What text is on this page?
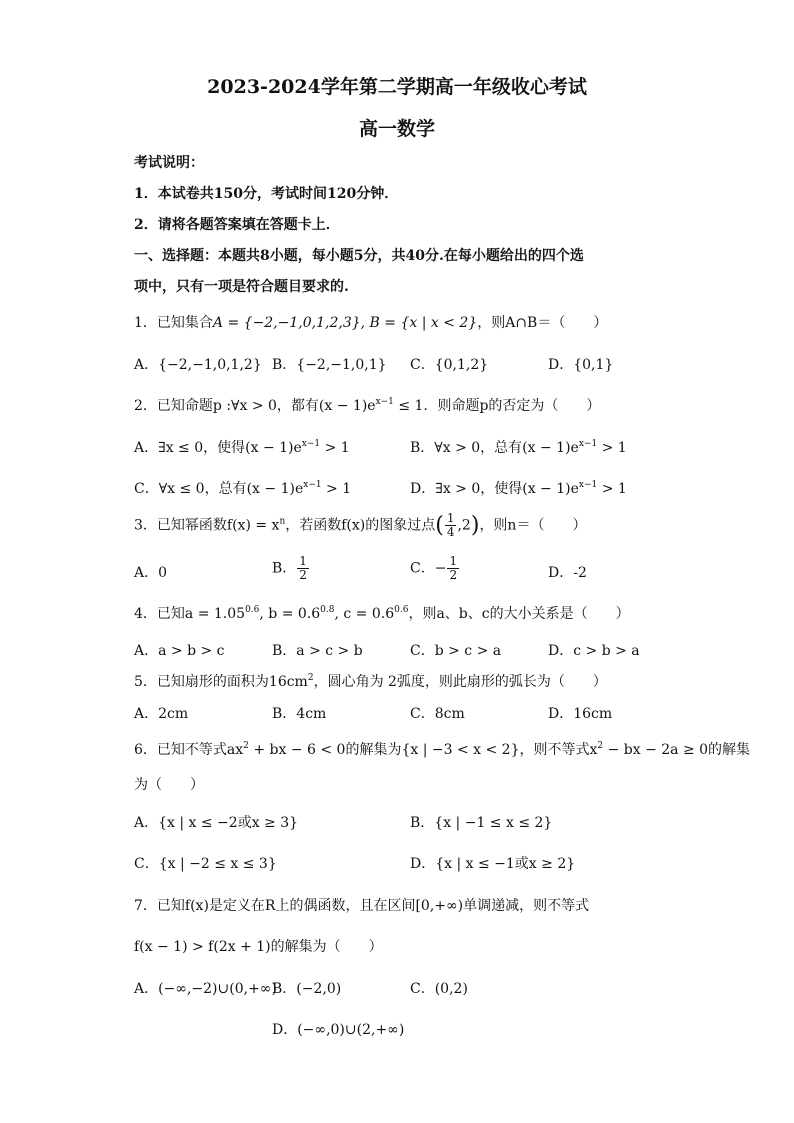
2023-2024学年第二学期高一年级收心考试
高一数学
考试说明：
1．本试卷共150分，考试时间120分钟．
2．请将各题答案填在答题卡上．
一、选择题：本题共8小题，每小题5分，共40分.在每小题给出的四个选
项中，只有一项是符合题目要求的.
1．已知集合A = {−2,−1,0,1,2,3}, B = {x | x < 2}，则A∩B＝（　　）
A．{−2,−1,0,1,2} B．{−2,−1,0,1} C．{0,1,2}	D．{0,1}
2．已知命题p :∀x > 0，都有$(x - 1)e^{x-1} \le 1$．则命题p的否定为（　　）
A．∃x ≤ 0，使得$(x - 1)e^{x-1} > 1$	B．∀x > 0，总有$(x - 1)e^{x-1} > 1$
C．∀x ≤ 0，总有$(x - 1)e^{x-1} > 1$	D．∃x > 0，使得$(x - 1)e^{x-1} > 1$
3．已知幂函数$f(x) = x^n$，若函数f(x)的图象过点( $\frac{1}{4} ,2$)，则n＝（　　）
A．0	B． $\frac{1}{2}$	C．− $\frac{1}{2}$	D．-2
4．已知$a = 1.05^{0.6}$, $b = 0.6^{0.8}$, $c = 0.6^{0.6}$，则a、b、c的大小关系是（　　）
A．a > b > c	B．a > c > b	C．b > c > a	D．c > b > a
5．已知扇形的面积为$16cm^2$，圆心角为 2弧度，则此扇形的弧长为（　　）
A．2cm	B．4cm	C．8cm	D．16cm
6．已知不等式$ax^2$ + bx − 6 < 0的解集为{x | −3 < x < 2}，则不等式$x^2$ − bx − 2a ≥ 0的解集
为（　　）
A．{x | x ≤ −2或x ≥ 3}	B．{x | −1 ≤ x ≤ 2}
C．{x | −2 ≤ x ≤ 3}	D．{x | x ≤ −1或x ≥ 2}
7．已知f(x)是定义在R上的偶函数，且在区间[0,+∞)单调递减，则不等式
f(x − 1) > f(2x + 1)的解集为（　　）
A．(−∞,−2)∪(0,+∞)
B．(−2,0)	C．(0,2)
D．(−∞,0)∪(2,+∞)
